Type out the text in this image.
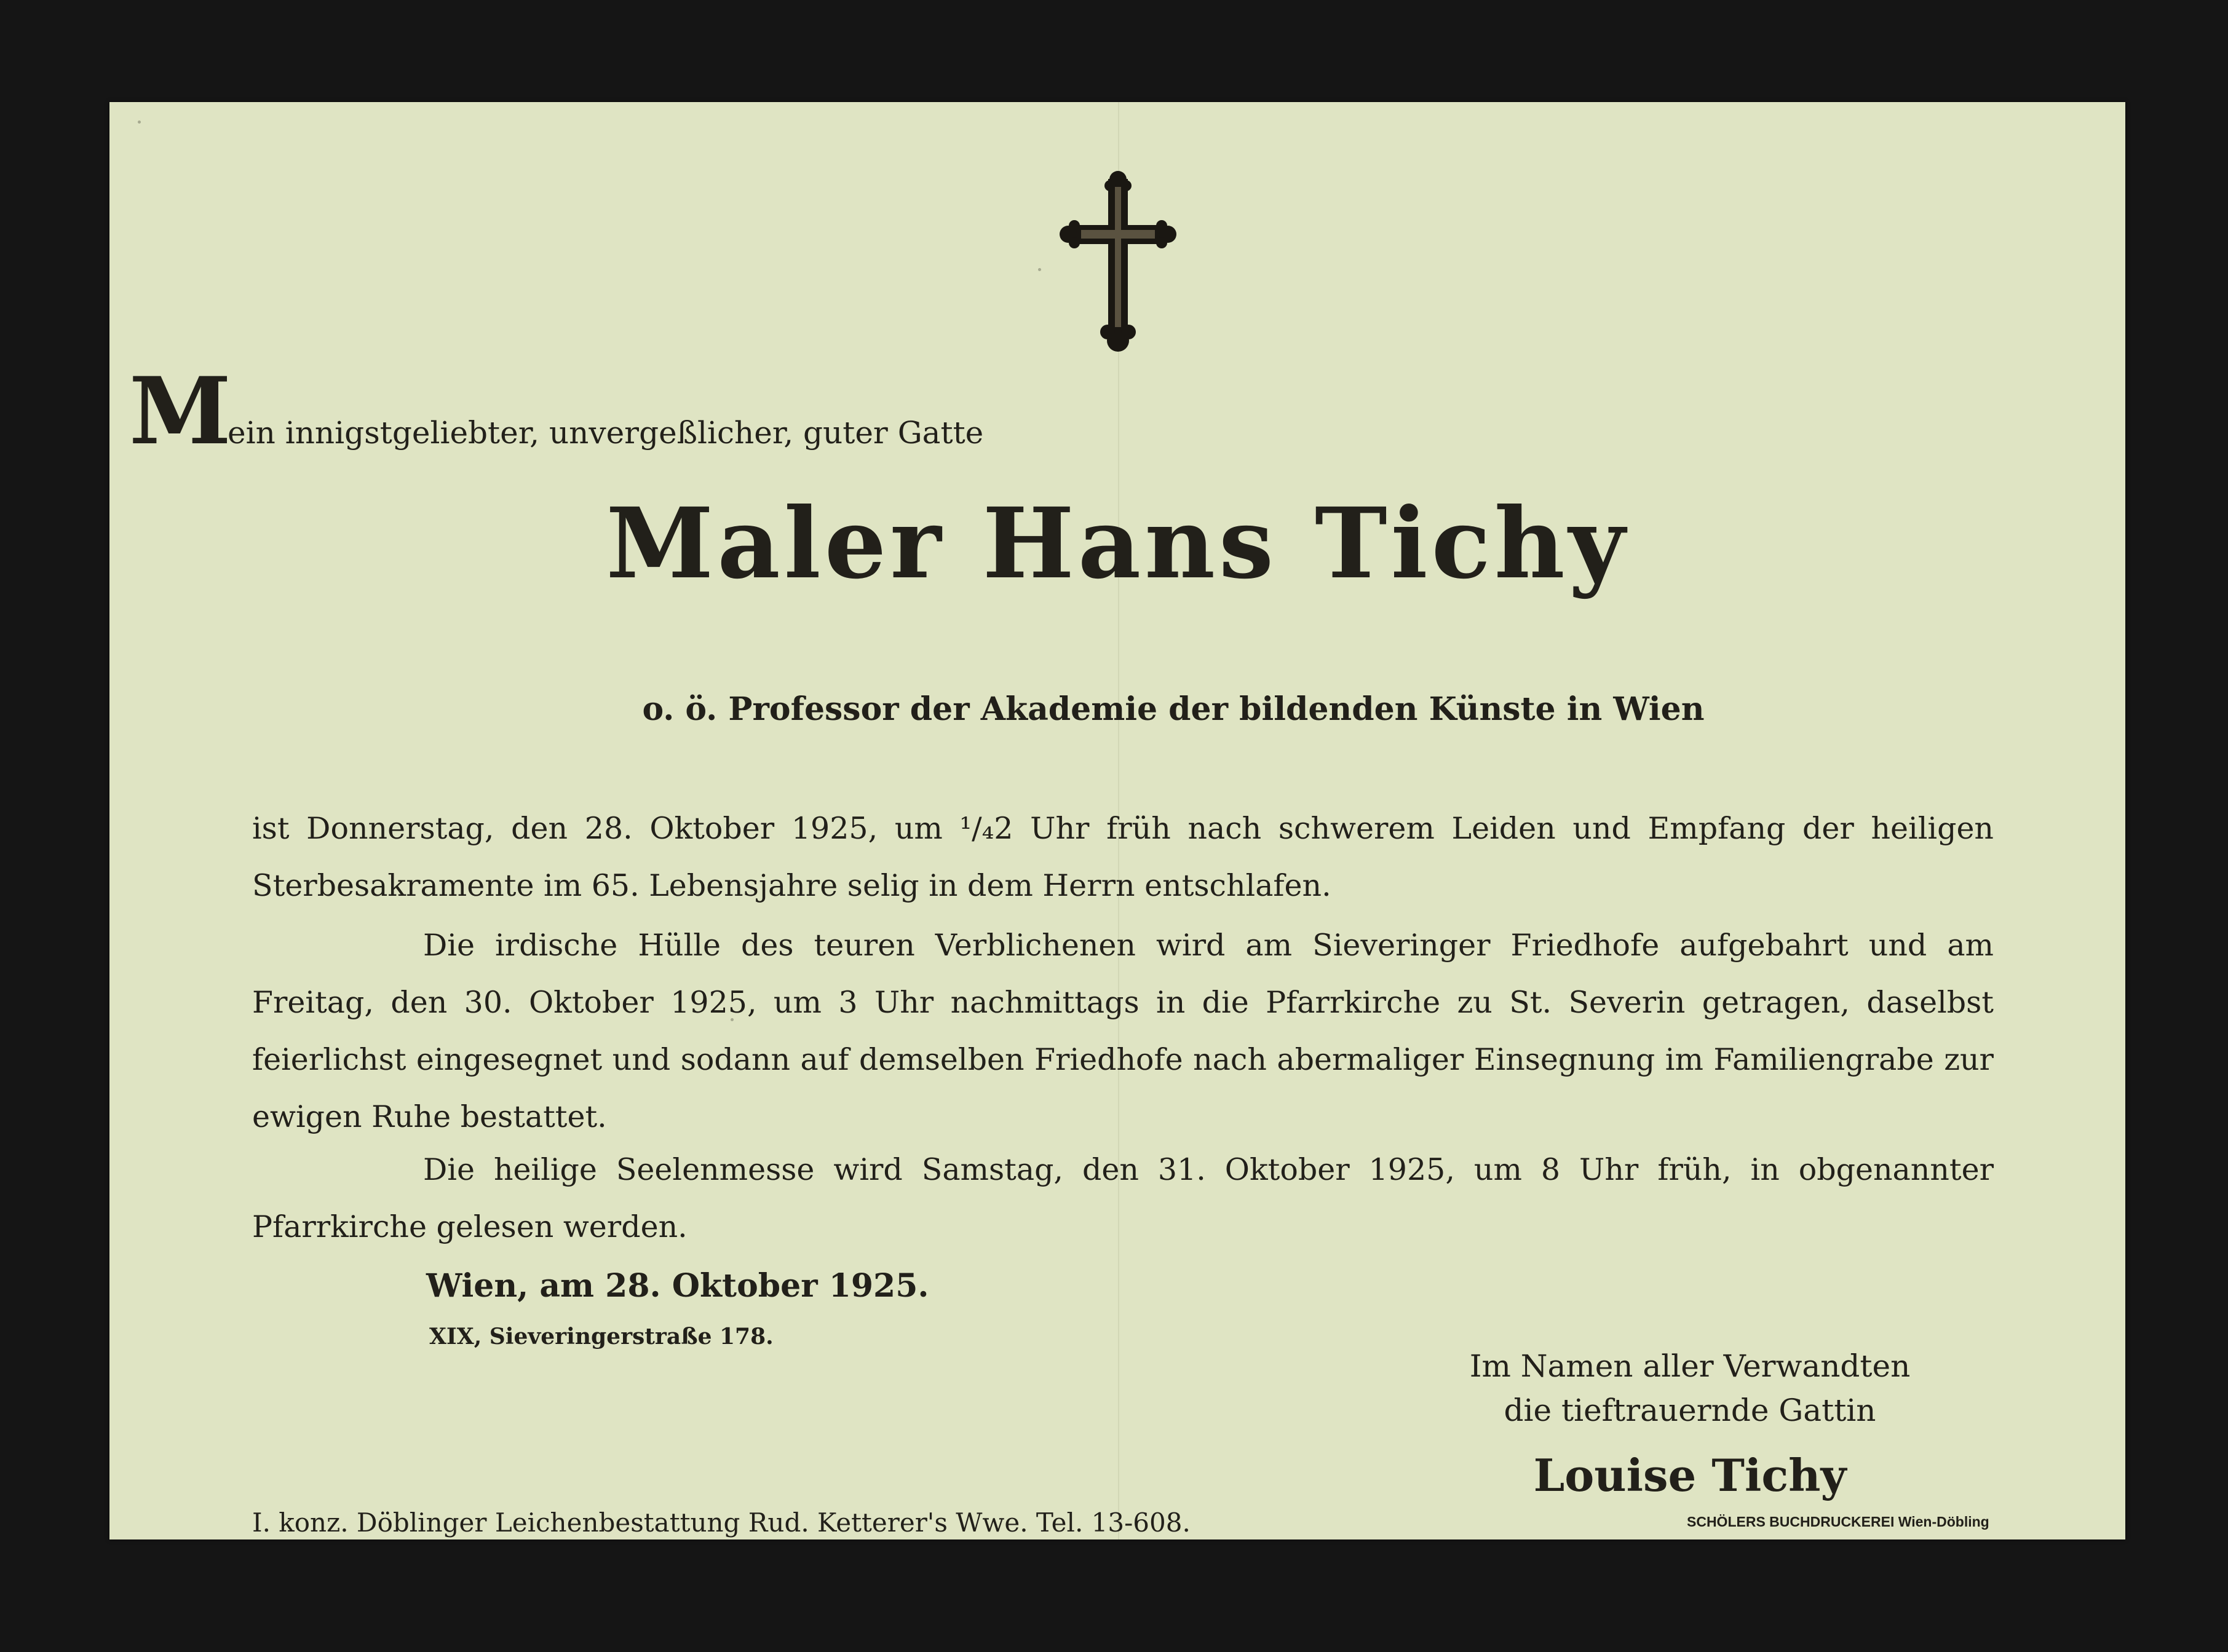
Mein innigstgeliebter, unvergeßlicher, guter Gatte
Maler Hans Tichy
o. ö. Professor der Akademie der bildenden Künste in Wien
ist Donnerstag, den 28. Oktober 1925, um ¹/₄2 Uhr früh nach schwerem Leiden und Empfang der heiligen Sterbesakramente im 65. Lebensjahre selig in dem Herrn entschlafen.
Die irdische Hülle des teuren Verblichenen wird am Sieveringer Friedhofe aufgebahrt und am Freitag, den 30. Oktober 1925, um 3 Uhr nachmittags in die Pfarrkirche zu St. Severin getragen, daselbst feierlichst eingesegnet und sodann auf demselben Friedhofe nach abermaliger Einsegnung im Familiengrabe zur ewigen Ruhe bestattet.
Die heilige Seelenmesse wird Samstag, den 31. Oktober 1925, um 8 Uhr früh, in obgenannter Pfarrkirche gelesen werden.
Wien, am 28. Oktober 1925.
XIX, Sieveringerstraße 178.
Im Namen aller Verwandten
die tieftrauernde Gattin
Louise Tichy
I. konz. Döblinger Leichenbestattung Rud. Ketterer's Wwe. Tel. 13-608.	SCHÖLERS BUCHDRUCKEREI Wien-Döbling
